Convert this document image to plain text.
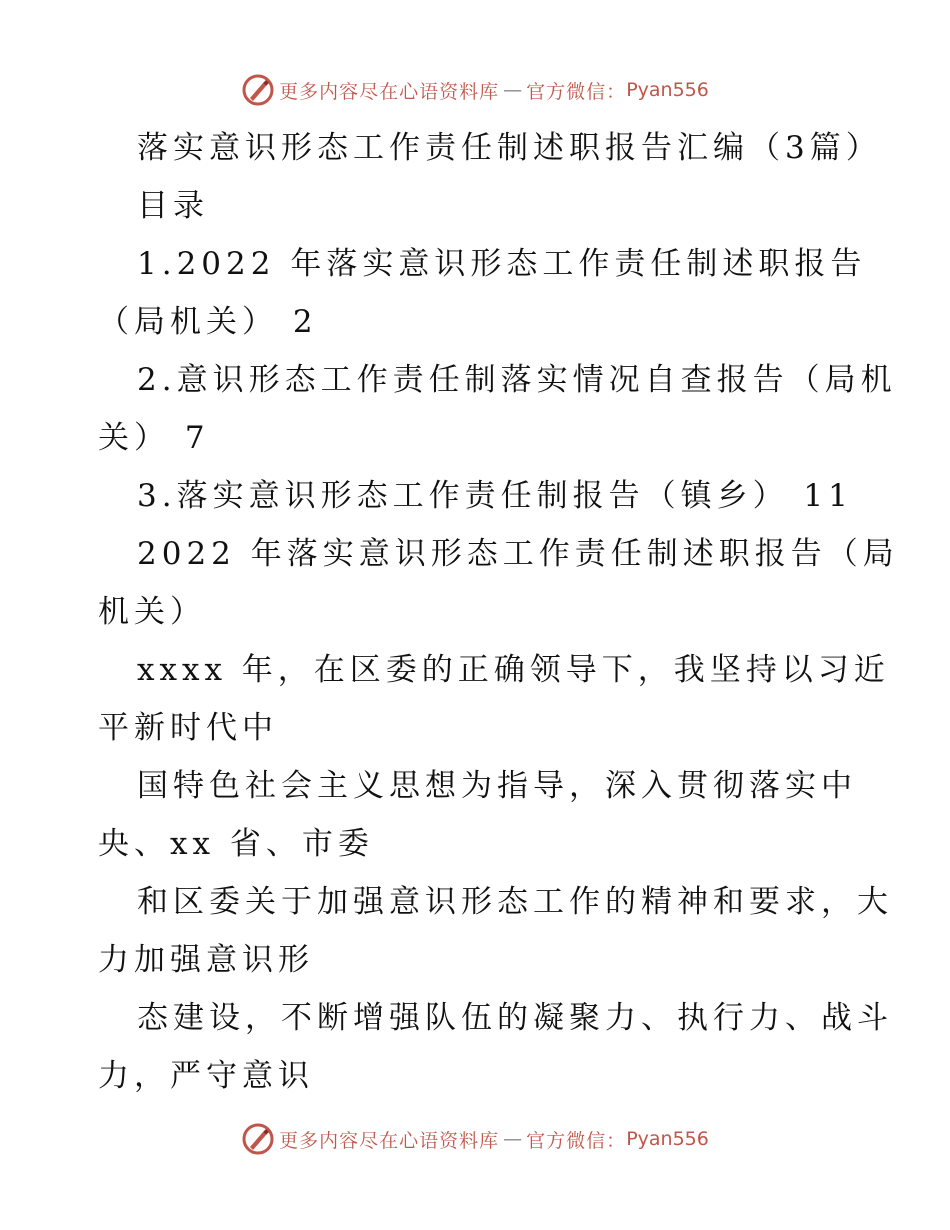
更多内容尽在心语资料库 — 官方微信： Pyan556
落实意识形态工作责任制述职报告汇编（3篇）
目录
1.2022 年落实意识形态工作责任制述职报告
（局机关） 2
2.意识形态工作责任制落实情况自查报告（局机
关） 7
3.落实意识形态工作责任制报告（镇乡） 11
2022 年落实意识形态工作责任制述职报告（局
机关）
xxxx 年，在区委的正确领导下，我坚持以习近
平新时代中
国特色社会主义思想为指导，深入贯彻落实中
央、xx 省、市委
和区委关于加强意识形态工作的精神和要求，大
力加强意识形
态建设，不断增强队伍的凝聚力、执行力、战斗
力，严守意识
更多内容尽在心语资料库 — 官方微信： Pyan556
